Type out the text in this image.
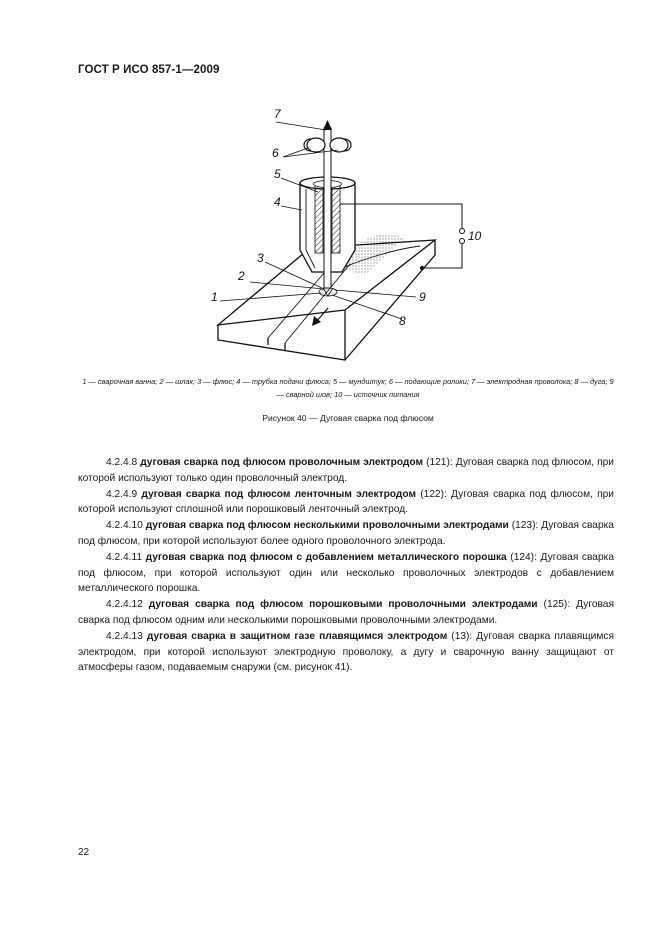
ГОСТ Р ИСО 857-1—2009
7
6
5
4
3
2
1
10
9
8
1 — сварочная ванна; 2 — шлак; 3 — флюс; 4 — трубка подачи флюса; 5 — мундштук; 6 — подающие ролики; 7 — электродная проволока; 8 — дуга; 9 — сварной шов; 10 — источник питания
Рисунок 40 — Дуговая сварка под флюсом

4.2.4.8 дуговая сварка под флюсом проволочным электродом (121): Дуговая сварка под флюсом, при которой используют только один проволочный электрод.

4.2.4.9 дуговая сварка под флюсом ленточным электродом (122): Дуговая сварка под флюсом, при которой используют сплошной или порошковый ленточный электрод.

4.2.4.10 дуговая сварка под флюсом несколькими проволочными электродами (123): Дуговая сварка под флюсом, при которой используют более одного проволочного электрода.

4.2.4.11 дуговая сварка под флюсом с добавлением металлического порошка (124): Дуговая сварка под флюсом, при которой используют один или несколько проволочных электродов с добавлением металлического порошка.

4.2.4.12 дуговая сварка под флюсом порошковыми проволочными электродами (125): Дуговая сварка под флюсом одним или несколькими порошковыми проволочными электродами.

4.2.4.13 дуговая сварка в защитном газе плавящимся электродом (13): Дуговая сварка плавящимся электродом, при которой используют электродную проволоку, а дугу и сварочную ванну защищают от атмосферы газом, подаваемым снаружи (см. рисунок 41).

22
